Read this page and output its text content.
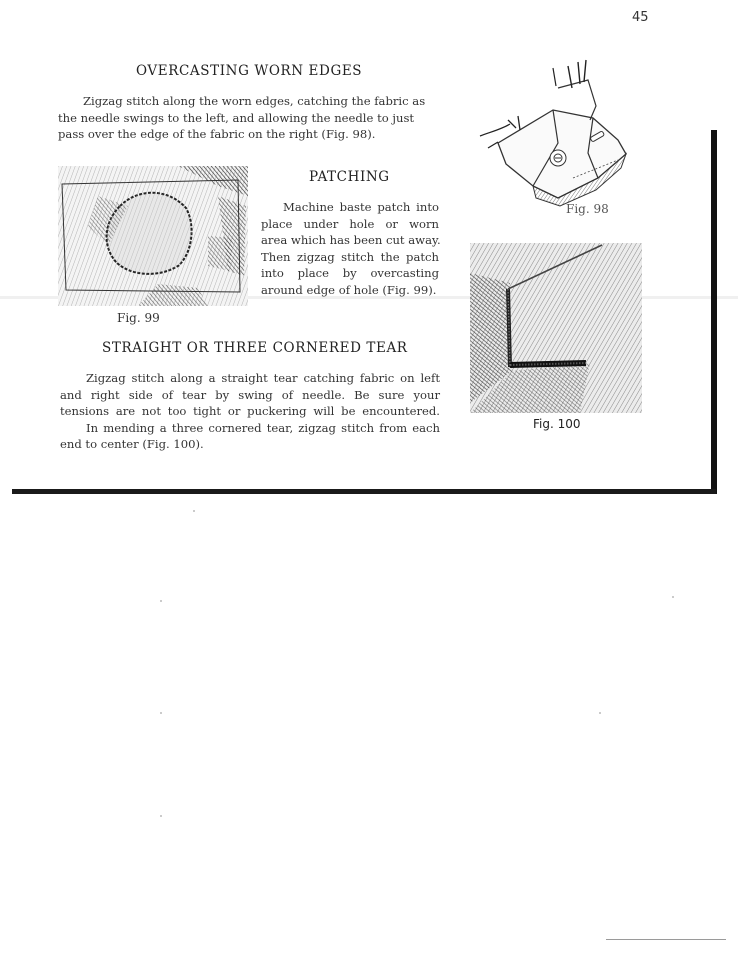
45
OVERCASTING WORN EDGES
Zigzag stitch along the worn edges, catching the fabric as
the needle swings to the left, and allowing the needle to just
pass over the edge of the fabric on the right (Fig. 98).
Fig. 98
PATCHING
Machine baste patch into
place under hole or worn
area which has been cut away.
Then zigzag stitch the patch
into place by overcasting
around edge of hole (Fig. 99).
Fig. 99
Fig. 100
STRAIGHT OR THREE CORNERED TEAR
Zigzag stitch along a straight tear catching fabric on left
and right side of tear by swing of needle. Be sure your
tensions are not too tight or puckering will be encountered.
In mending a three cornered tear, zigzag stitch from each
end to center (Fig. 100).
